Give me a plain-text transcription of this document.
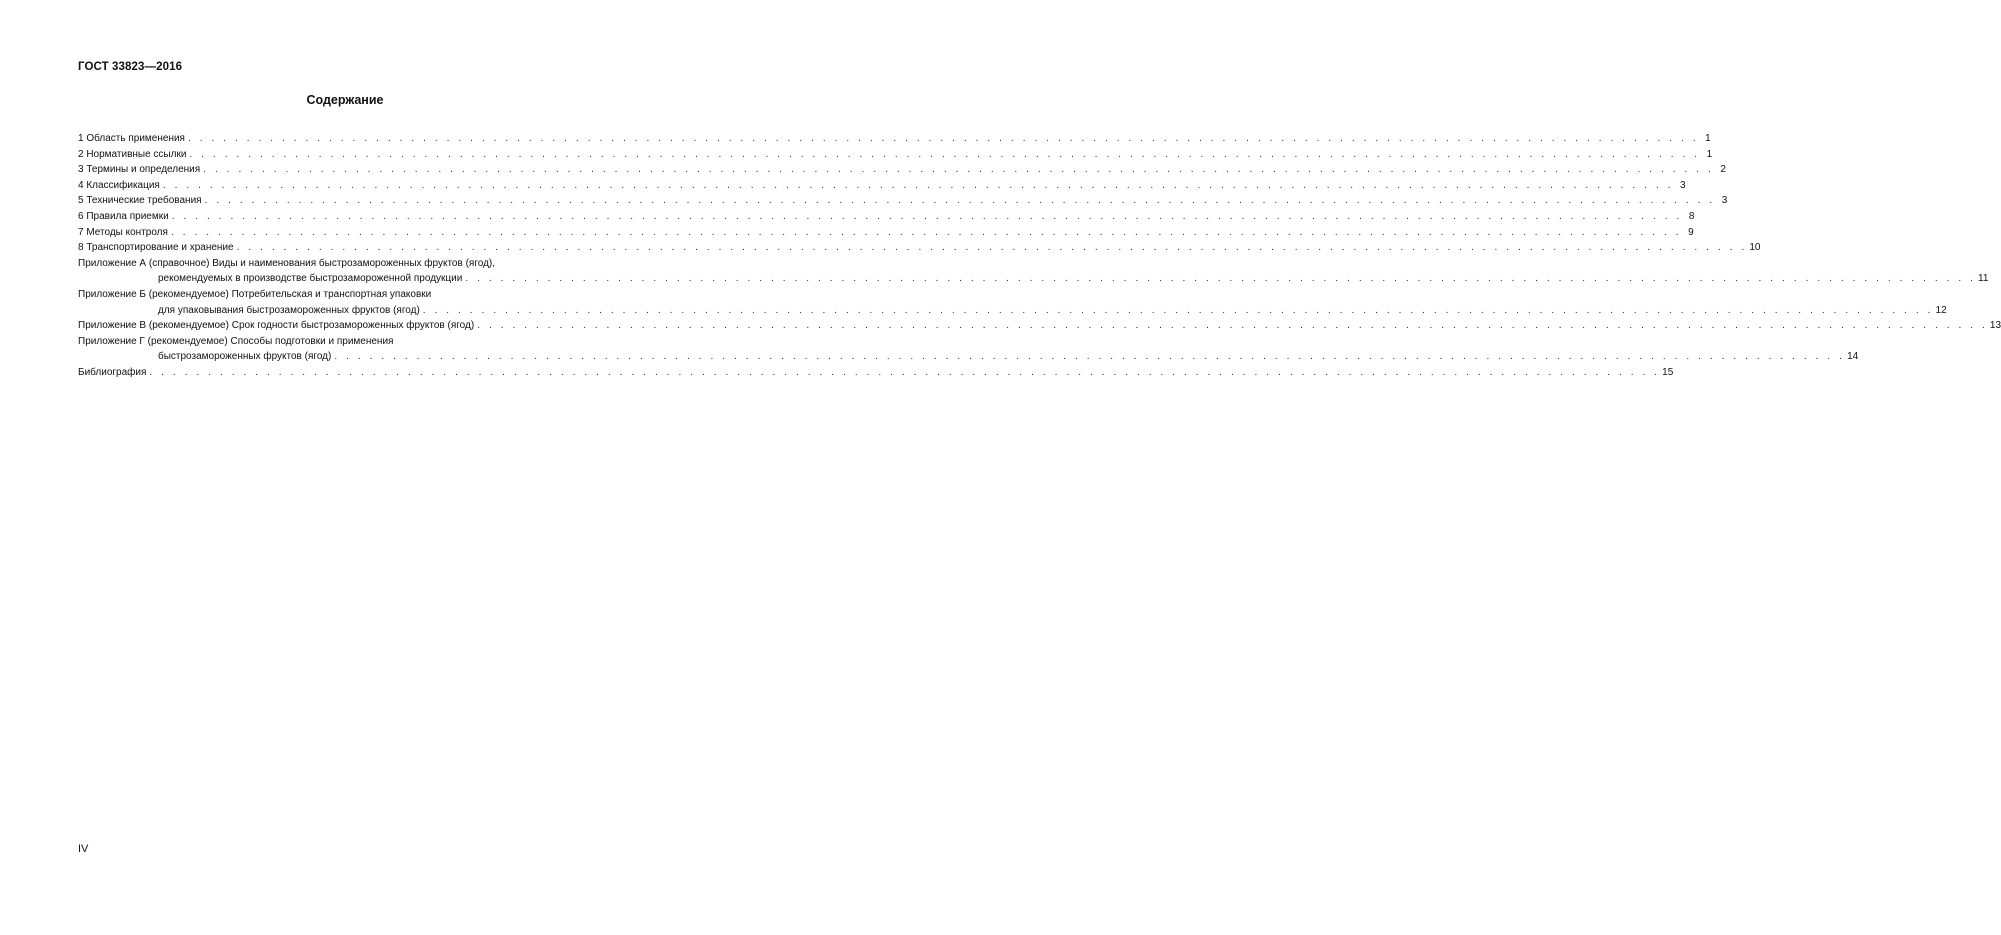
ГОСТ 33823—2016
Содержание
1 Область применения . . . . . . . . . . . . . . . . . . . . . . . . . . . . . . . . . . . . . . . . . . . . . . . . . . . . . . . . . . . . . . . . . . . . . . . . . . . . . . . . . . . . . . . . . . . . . . . . . . . . . . . . . . . . . . . . . . . . . . . . . . . . . . . . . 1
2 Нормативные ссылки . . . . . . . . . . . . . . . . . . . . . . . . . . . . . . . . . . . . . . . . . . . . . . . . . . . . . . . . . . . . . . . . . . . . . . . . . . . . . . . . . . . . . . . . . . . . . . . . . . . . . . . . . . . . . . . . . . . . . . . . . . . . . . . . . 1
3 Термины и определения . . . . . . . . . . . . . . . . . . . . . . . . . . . . . . . . . . . . . . . . . . . . . . . . . . . . . . . . . . . . . . . . . . . . . . . . . . . . . . . . . . . . . . . . . . . . . . . . . . . . . . . . . . . . . . . . . . . . . . . . . . . . . . . . . 2
4 Классификация . . . . . . . . . . . . . . . . . . . . . . . . . . . . . . . . . . . . . . . . . . . . . . . . . . . . . . . . . . . . . . . . . . . . . . . . . . . . . . . . . . . . . . . . . . . . . . . . . . . . . . . . . . . . . . . . . . . . . . . . . . . . . . . . . 3
5 Технические требования . . . . . . . . . . . . . . . . . . . . . . . . . . . . . . . . . . . . . . . . . . . . . . . . . . . . . . . . . . . . . . . . . . . . . . . . . . . . . . . . . . . . . . . . . . . . . . . . . . . . . . . . . . . . . . . . . . . . . . . . . . . . . . . . . 3
6 Правила приемки . . . . . . . . . . . . . . . . . . . . . . . . . . . . . . . . . . . . . . . . . . . . . . . . . . . . . . . . . . . . . . . . . . . . . . . . . . . . . . . . . . . . . . . . . . . . . . . . . . . . . . . . . . . . . . . . . . . . . . . . . . . . . . . . . 8
7 Методы контроля . . . . . . . . . . . . . . . . . . . . . . . . . . . . . . . . . . . . . . . . . . . . . . . . . . . . . . . . . . . . . . . . . . . . . . . . . . . . . . . . . . . . . . . . . . . . . . . . . . . . . . . . . . . . . . . . . . . . . . . . . . . . . . . . . 9
8 Транспортирование и хранение . . . . . . . . . . . . . . . . . . . . . . . . . . . . . . . . . . . . . . . . . . . . . . . . . . . . . . . . . . . . . . . . . . . . . . . . . . . . . . . . . . . . . . . . . . . . . . . . . . . . . . . . . . . . . . . . . . . . . . . . . . . . . . . . . 10
Приложение А (справочное) Виды и наименования быстрозамороженных фруктов (ягод),
рекомендуемых в производстве быстрозамороженной продукции . . . . . . . . . . . . . . . . . . . . . . . . . . . . . . . . . . . . . . . . . . . . . . . . . . . . . . . . . . . . . . . . . . . . . . . . . . . . . . . . . . . . . . . . . . . . . . . . . . . . . . . . . . . . . . . . . . . . . . . . . . . . . . . . . 11
Приложение Б (рекомендуемое) Потребительская и транспортная упаковки
для упаковывания быстрозамороженных фруктов (ягод) . . . . . . . . . . . . . . . . . . . . . . . . . . . . . . . . . . . . . . . . . . . . . . . . . . . . . . . . . . . . . . . . . . . . . . . . . . . . . . . . . . . . . . . . . . . . . . . . . . . . . . . . . . . . . . . . . . . . . . . . . . . . . . . . . 12
Приложение В (рекомендуемое) Срок годности быстрозамороженных фруктов (ягод) . . . . . . . . . . . . . . . . . . . . . . . . . . . . . . . . . . . . . . . . . . . . . . . . . . . . . . . . . . . . . . . . . . . . . . . . . . . . . . . . . . . . . . . . . . . . . . . . . . . . . . . . . . . . . . . . . . . . . . . . . . . . . . . . . 13
Приложение Г (рекомендуемое) Способы подготовки и применения
быстрозамороженных фруктов (ягод) . . . . . . . . . . . . . . . . . . . . . . . . . . . . . . . . . . . . . . . . . . . . . . . . . . . . . . . . . . . . . . . . . . . . . . . . . . . . . . . . . . . . . . . . . . . . . . . . . . . . . . . . . . . . . . . . . . . . . . . . . . . . . . . . . 14
Библиография . . . . . . . . . . . . . . . . . . . . . . . . . . . . . . . . . . . . . . . . . . . . . . . . . . . . . . . . . . . . . . . . . . . . . . . . . . . . . . . . . . . . . . . . . . . . . . . . . . . . . . . . . . . . . . . . . . . . . . . . . . . . . . . . . 15
IV
